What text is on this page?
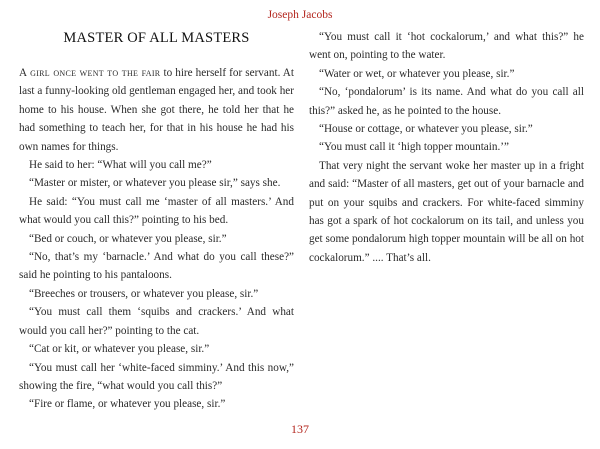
Joseph Jacobs
MASTER OF ALL MASTERS

A girl once went to the fair to hire herself for servant. At last a funny-looking old gentleman engaged her, and took her home to his house. When she got there, he told her that he had something to teach her, for that in his house he had his own names for things.

He said to her: “What will you call me?”

“Master or mister, or whatever you please sir,” says she.

He said: “You must call me ‘master of all masters.’ And what would you call this?” pointing to his bed.

“Bed or couch, or whatever you please, sir.”

“No, that’s my ‘barnacle.’ And what do you call these?” said he pointing to his pantaloons.

“Breeches or trousers, or whatever you please, sir.”

“You must call them ‘squibs and crackers.’ And what would you call her?” pointing to the cat.

“Cat or kit, or whatever you please, sir.”

“You must call her ‘white-faced simminy.’ And this now,” showing the fire, “what would you call this?”

“Fire or flame, or whatever you please, sir.”

“You must call it ‘hot cockalorum,’ and what this?” he went on, pointing to the water.

“Water or wet, or whatever you please, sir.”

“No, ‘pondalorum’ is its name. And what do you call all this?” asked he, as he pointed to the house.

“House or cottage, or whatever you please, sir.”

“You must call it ‘high topper mountain.’”

That very night the servant woke her master up in a fright and said: “Master of all masters, get out of your barnacle and put on your squibs and crackers. For white-faced simminy has got a spark of hot cockalorum on its tail, and unless you get some pondalorum high topper mountain will be all on hot cockalorum.” .... That’s all.

137
